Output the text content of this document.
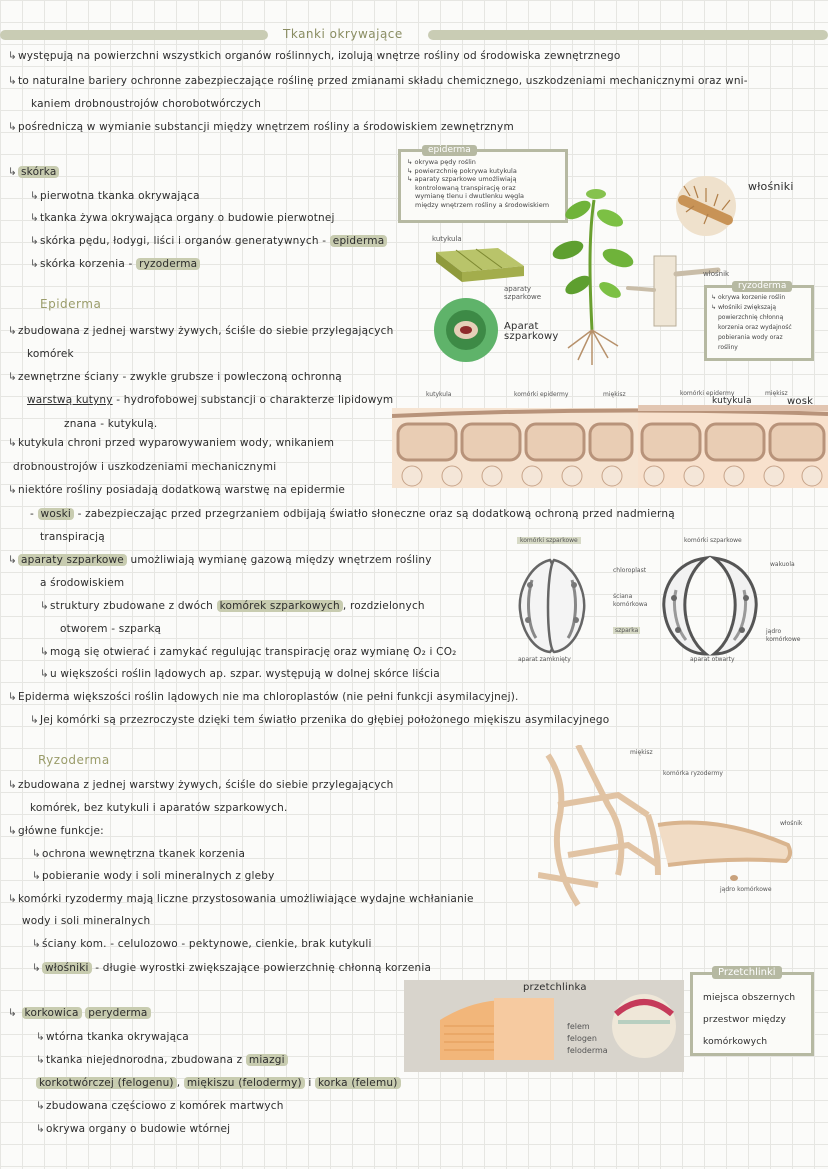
Tkanki okrywające
↳występują na powierzchni wszystkich organów roślinnych, izolują wnętrze rośliny od środowiska zewnętrznego
↳to naturalne bariery ochronne zabezpieczające roślinę przed zmianami składu chemicznego, uszkodzeniami mechanicznymi oraz wni-
kaniem drobnoustrojów chorobotwórczych
↳pośredniczą w wymianie substancji między wnętrzem rośliny a środowiskiem zewnętrznym
↳ skórka
↳pierwotna tkanka okrywająca
↳tkanka żywa okrywająca organy o budowie pierwotnej
↳skórka pędu, łodygi, liści i organów generatywnych - epiderma
↳skórka korzenia - ryzoderma
↳ okrywa pędy roślin
↳ powierzchnię pokrywa kutykula
↳ aparaty szparkowe umożliwiają
kontrolowaną transpirację oraz
wymianę tlenu i dwutlenku węgla
między wnętrzem rośliny a środowiskiem
epiderma
kutykula
aparaty szparkowe
Aparat
szparkowy
włośniki
włośnik
↳ okrywa korzenie roślin
↳ włośniki zwiększają
powierzchnię chłonną
korzenia oraz wydajność
pobierania wody oraz
rośliny
ryzoderma
Epiderma
↳zbudowana z jednej warstwy żywych, ściśle do siebie przylegających
komórek
↳zewnętrzne ściany - zwykle grubsze i powleczoną ochronną
warstwą kutyny - hydrofobowej substancji o charakterze lipidowym
znana - kutykulą.
↳kutykula chroni przed wyparowywaniem wody, wnikaniem
drobnoustrojów i uszkodzeniami mechanicznymi
↳niektóre rośliny posiadają dodatkową warstwę na epidermie
- woski - zabezpieczając przed przegrzaniem odbijają światło słoneczne oraz są dodatkową ochroną przed nadmierną
transpiracją
↳ aparaty szparkowe umożliwiają wymianę gazową między wnętrzem rośliny
a środowiskiem
↳struktury zbudowane z dwóch komórek szparkowych , rozdzielonych
otworem - szparką
↳mogą się otwierać i zamykać regulując transpirację oraz wymianę O₂ i CO₂
↳u większości roślin lądowych ap. szpar. występują w dolnej skórce liścia
↳Epiderma większości roślin lądowych nie ma chloroplastów (nie pełni funkcji asymilacyjnej).
↳Jej komórki są przezroczyste dzięki tem światło przenika do głębiej położonego miękiszu asymilacyjnego
kutykula	komórki epidermy	miękisz	komórki epidermy	miękisz
kutykula	wosk
komórki szparkowe	komórki szparkowe
chloroplast
ściana komórkowa
szparka
wakuola
jądro komórkowe
aparat zamknięty	aparat otwarty
Ryzoderma
↳zbudowana z jednej warstwy żywych, ściśle do siebie przylegających
komórek, bez kutykuli i aparatów szparkowych.
↳główne funkcje:
↳ochrona wewnętrzna tkanek korzenia
↳pobieranie wody i soli mineralnych z gleby
↳komórki ryzodermy mają liczne przystosowania umożliwiające wydajne wchłanianie
wody i soli mineralnych
↳ściany kom. - celulozowo - pektynowe, cienkie, brak kutykuli
↳ włośniki - długie wyrostki zwiększające powierzchnię chłonną korzenia
miękisz
komórka ryzodermy
włośnik
jądro komórkowe
↳ korkowica peryderma
↳wtórna tkanka okrywająca
↳tkanka niejednorodna, zbudowana z miazgi
korkotwórczej (felogenu) , miękiszu (felodermy) i korka (felemu)
↳zbudowana częściowo z komórek martwych
↳okrywa organy o budowie wtórnej
przetchlinka
felem
felogen
feloderma
miejsca obszernych
przestwor między
komórkowych
Przetchlinki
